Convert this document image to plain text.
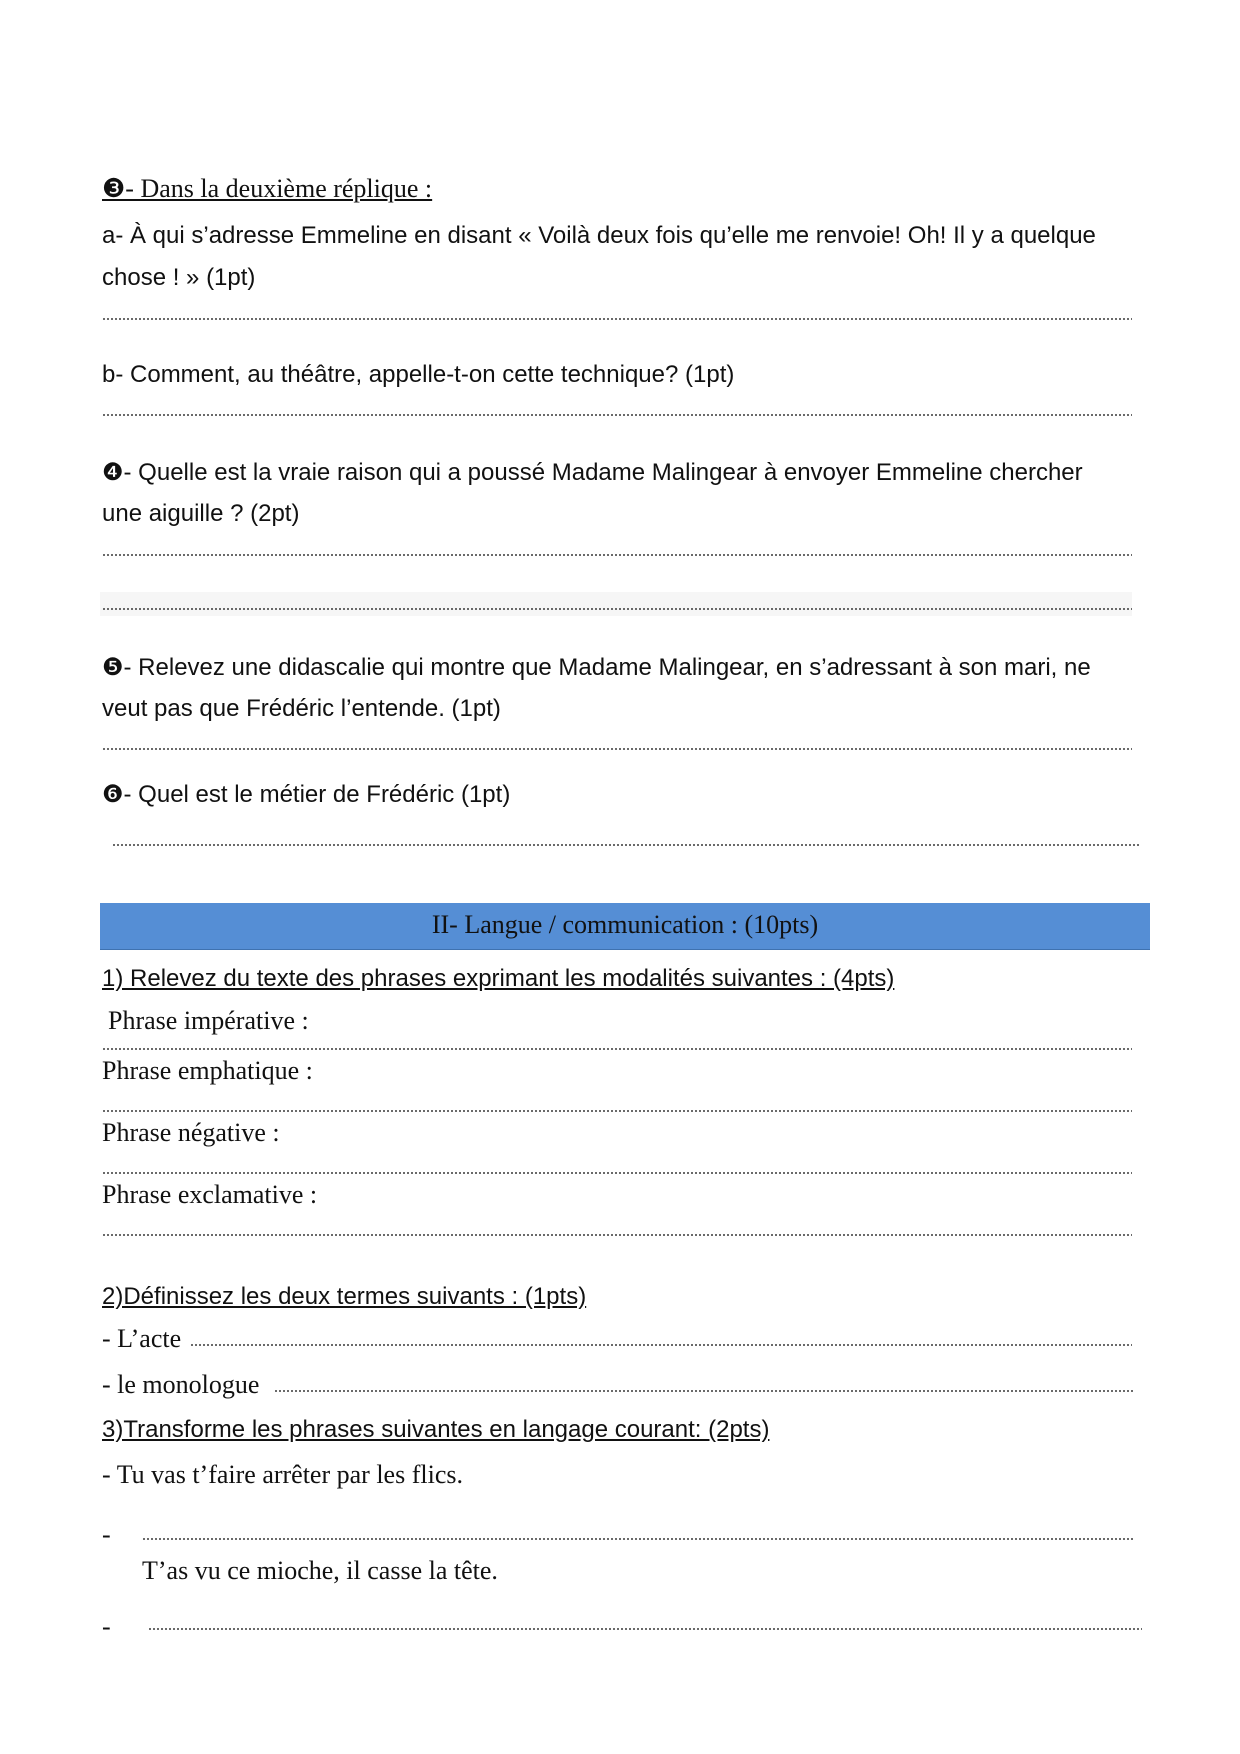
❸- Dans la deuxième réplique :
a- À qui s’adresse Emmeline en disant « Voilà deux fois qu’elle me renvoie! Oh! Il y a quelque
chose ! » (1pt)
b- Comment, au théâtre, appelle-t-on cette technique? (1pt)
❹- Quelle est la vraie raison qui a poussé Madame Malingear à envoyer Emmeline chercher
une aiguille ? (2pt)
❺- Relevez une didascalie qui montre que Madame Malingear, en s’adressant à son mari, ne
veut pas que Frédéric l’entende. (1pt)
❻- Quel est le métier de Frédéric (1pt)
II- Langue / communication : (10pts)
1) Relevez du texte des phrases exprimant les modalités suivantes : (4pts)
Phrase impérative :
Phrase emphatique :
Phrase négative :
Phrase exclamative :
2)Définissez les deux termes suivants : (1pts)
- L’acte
- le monologue
3)Transforme les phrases suivantes en langage courant: (2pts)
- Tu vas t’faire arrêter par les flics.
-
T’as vu ce mioche, il casse la tête.
-
